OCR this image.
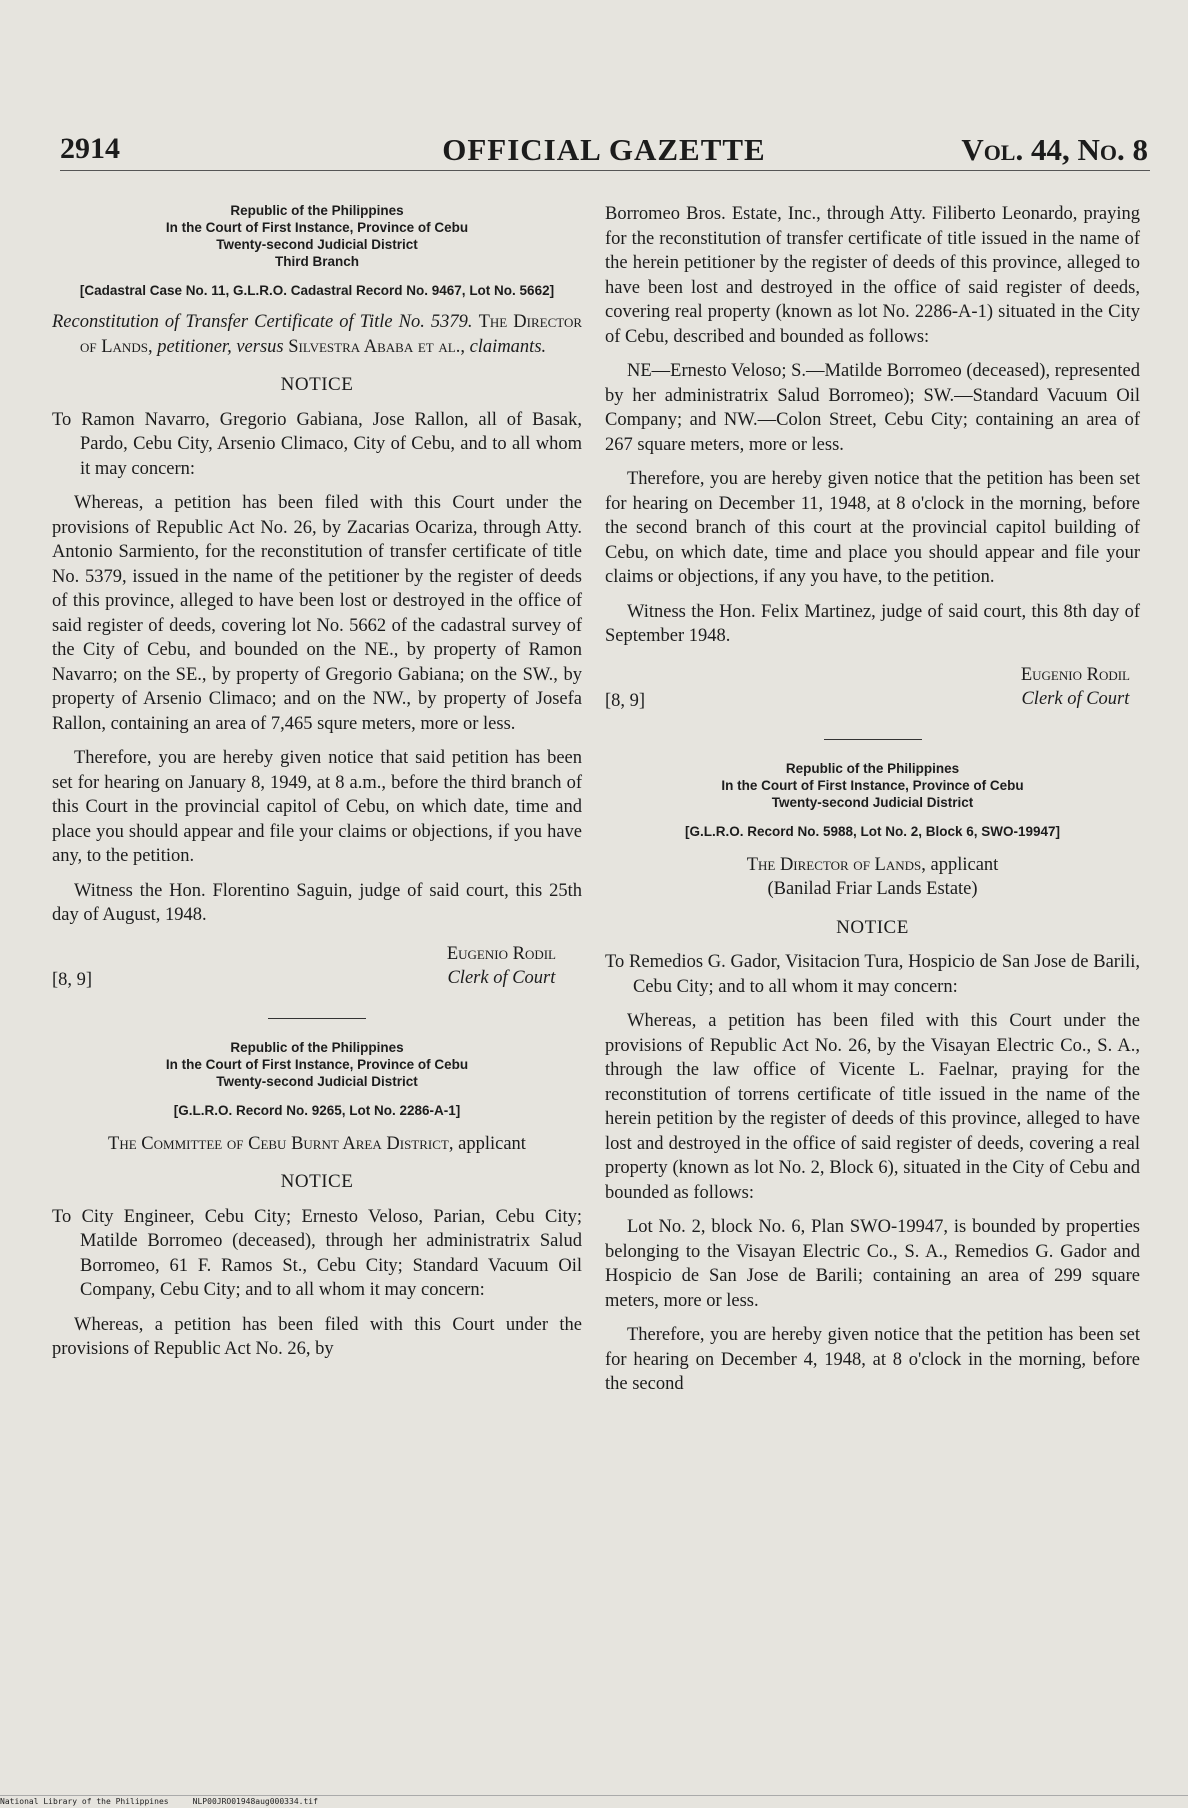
2914	OFFICIAL GAZETTE	Vol. 44, No. 8
Republic of the Philippines
In the Court of First Instance, Province of Cebu
Twenty-second Judicial District
Third Branch
[Cadastral Case No. 11, G.L.R.O. Cadastral Record No. 9467, Lot No. 5662]
Reconstitution of Transfer Certificate of Title No. 5379. The Director of Lands, petitioner, versus Silvestra Ababa et al., claimants.
NOTICE
To Ramon Navarro, Gregorio Gabiana, Jose Rallon, all of Basak, Pardo, Cebu City, Arsenio Climaco, City of Cebu, and to all whom it may concern:

Whereas, a petition has been filed with this Court under the provisions of Republic Act No. 26, by Zacarias Ocariza, through Atty. Antonio Sarmiento, for the reconstitution of transfer certificate of title No. 5379, issued in the name of the petitioner by the register of deeds of this province, alleged to have been lost or destroyed in the office of said register of deeds, covering lot No. 5662 of the cadastral survey of the City of Cebu, and bounded on the NE., by property of Ramon Navarro; on the SE., by property of Gregorio Gabiana; on the SW., by property of Arsenio Climaco; and on the NW., by property of Josefa Rallon, containing an area of 7,465 squre meters, more or less.

Therefore, you are hereby given notice that said petition has been set for hearing on January 8, 1949, at 8 a.m., before the third branch of this Court in the provincial capitol of Cebu, on which date, time and place you should appear and file your claims or objections, if you have any, to the petition.

Witness the Hon. Florentino Saguin, judge of said court, this 25th day of August, 1948.

[8, 9]
Eugenio Rodil
Clerk of Court
Republic of the Philippines
In the Court of First Instance, Province of Cebu
Twenty-second Judicial District
[G.L.R.O. Record No. 9265, Lot No. 2286-A-1]
The Committee of Cebu Burnt Area District, applicant
NOTICE
To City Engineer, Cebu City; Ernesto Veloso, Parian, Cebu City; Matilde Borromeo (deceased), through her administratrix Salud Borromeo, 61 F. Ramos St., Cebu City; Standard Vacuum Oil Company, Cebu City; and to all whom it may concern:

Whereas, a petition has been filed with this Court under the provisions of Republic Act No. 26, by

Borromeo Bros. Estate, Inc., through Atty. Filiberto Leonardo, praying for the reconstitution of transfer certificate of title issued in the name of the herein petitioner by the register of deeds of this province, alleged to have been lost and destroyed in the office of said register of deeds, covering real property (known as lot No. 2286-A-1) situated in the City of Cebu, described and bounded as follows:

NE—Ernesto Veloso; S.—Matilde Borromeo (deceased), represented by her administratrix Salud Borromeo); SW.—Standard Vacuum Oil Company; and NW.—Colon Street, Cebu City; containing an area of 267 square meters, more or less.

Therefore, you are hereby given notice that the petition has been set for hearing on December 11, 1948, at 8 o'clock in the morning, before the second branch of this court at the provincial capitol building of Cebu, on which date, time and place you should appear and file your claims or objections, if any you have, to the petition.

Witness the Hon. Felix Martinez, judge of said court, this 8th day of September 1948.

[8, 9]
Eugenio Rodil
Clerk of Court
Republic of the Philippines
In the Court of First Instance, Province of Cebu
Twenty-second Judicial District
[G.L.R.O. Record No. 5988, Lot No. 2, Block 6, SWO-19947]
The Director of Lands, applicant
(Banilad Friar Lands Estate)
NOTICE
To Remedios G. Gador, Visitacion Tura, Hospicio de San Jose de Barili, Cebu City; and to all whom it may concern:

Whereas, a petition has been filed with this Court under the provisions of Republic Act No. 26, by the Visayan Electric Co., S. A., through the law office of Vicente L. Faelnar, praying for the reconstitution of torrens certificate of title issued in the name of the herein petition by the register of deeds of this province, alleged to have lost and destroyed in the office of said register of deeds, covering a real property (known as lot No. 2, Block 6), situated in the City of Cebu and bounded as follows:

Lot No. 2, block No. 6, Plan SWO-19947, is bounded by properties belonging to the Visayan Electric Co., S. A., Remedios G. Gador and Hospicio de San Jose de Barili; containing an area of 299 square meters, more or less.

Therefore, you are hereby given notice that the petition has been set for hearing on December 4, 1948, at 8 o'clock in the morning, before the second

National Library of the Philippines	NLP00JRO01948aug000334.tif
